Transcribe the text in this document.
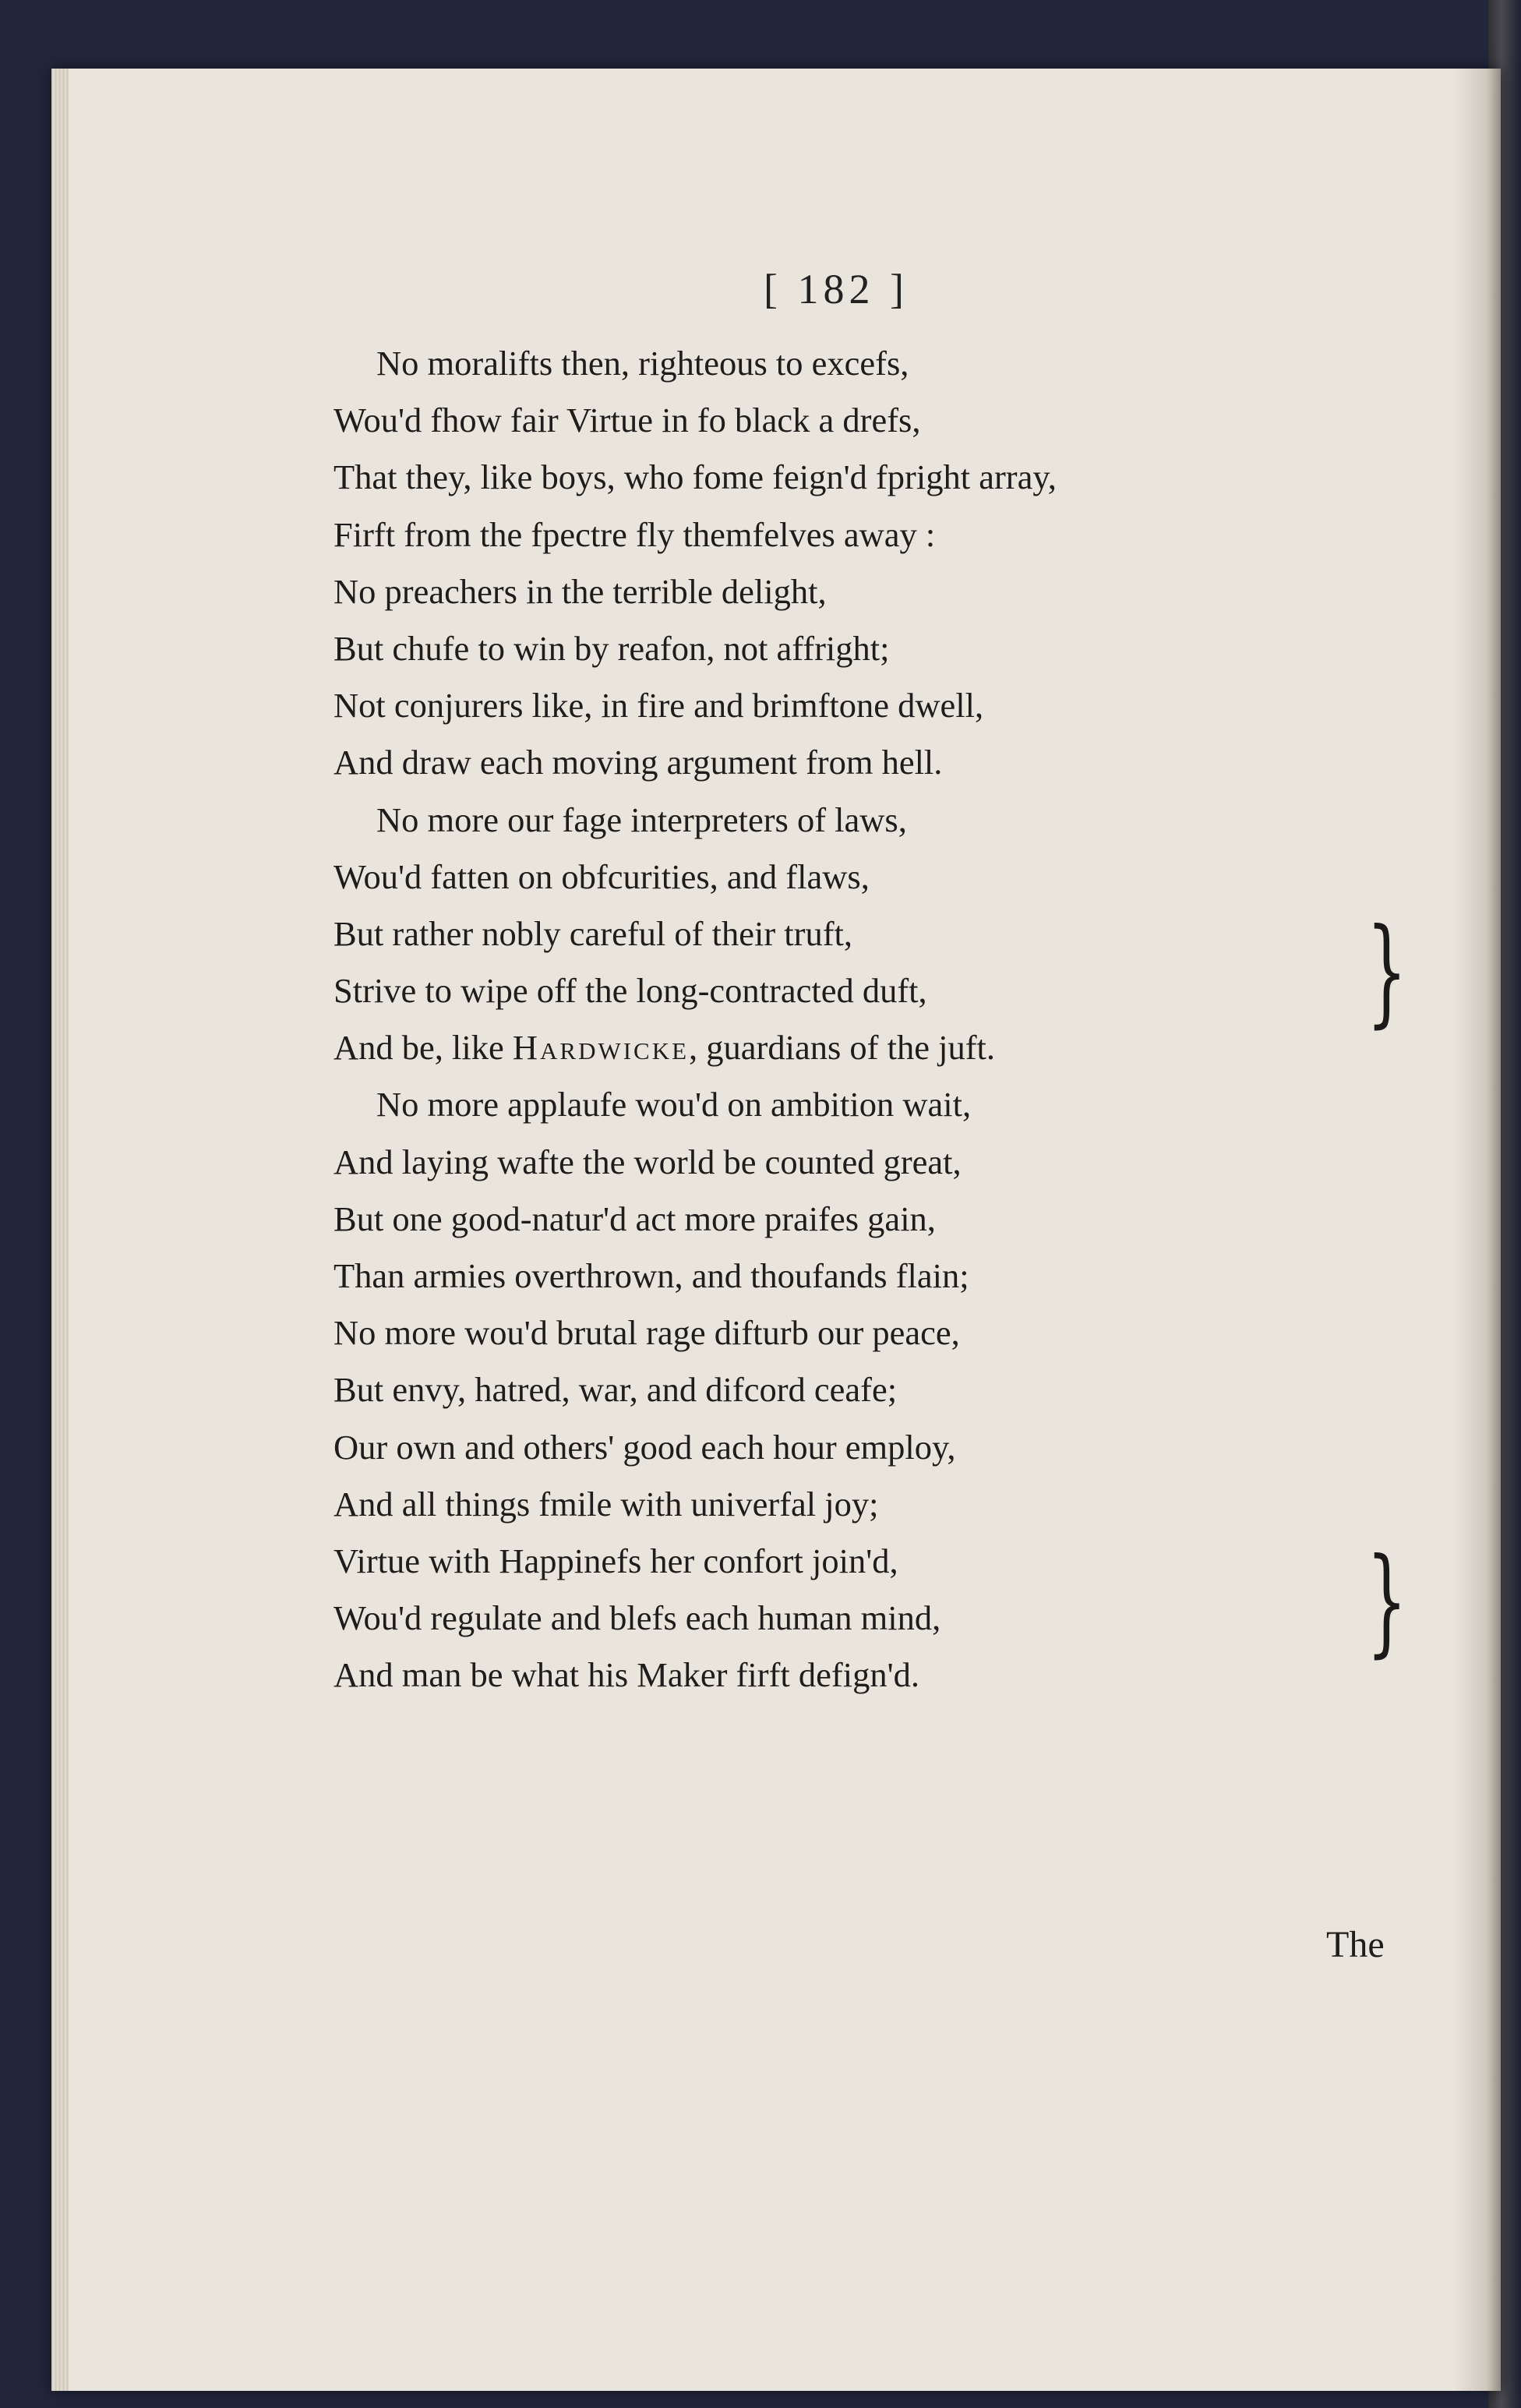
[ 182 ]
No moralifts then, righteous to excefs,
Wou'd fhow fair Virtue in fo black a drefs,
That they, like boys, who fome feign'd fpright array,
Firft from the fpectre fly themfelves away :
No preachers in the terrible delight,
But chufe to win by reafon, not affright;
Not conjurers like, in fire and brimftone dwell,
And draw each moving argument from hell.
No more our fage interpreters of laws,
Wou'd fatten on obfcurities, and flaws,
But rather nobly careful of their truft,
Strive to wipe off the long-contracted duft,
And be, like Hardwicke, guardians of the juft.
No more applaufe wou'd on ambition wait,
And laying wafte the world be counted great,
But one good-natur'd act more praifes gain,
Than armies overthrown, and thoufands flain;
No more wou'd brutal rage difturb our peace,
But envy, hatred, war, and difcord ceafe;
Our own and others' good each hour employ,
And all things fmile with univerfal joy;
Virtue with Happinefs her confort join'd,
Wou'd regulate and blefs each human mind,
And man be what his Maker firft defign'd.
}
}
The
